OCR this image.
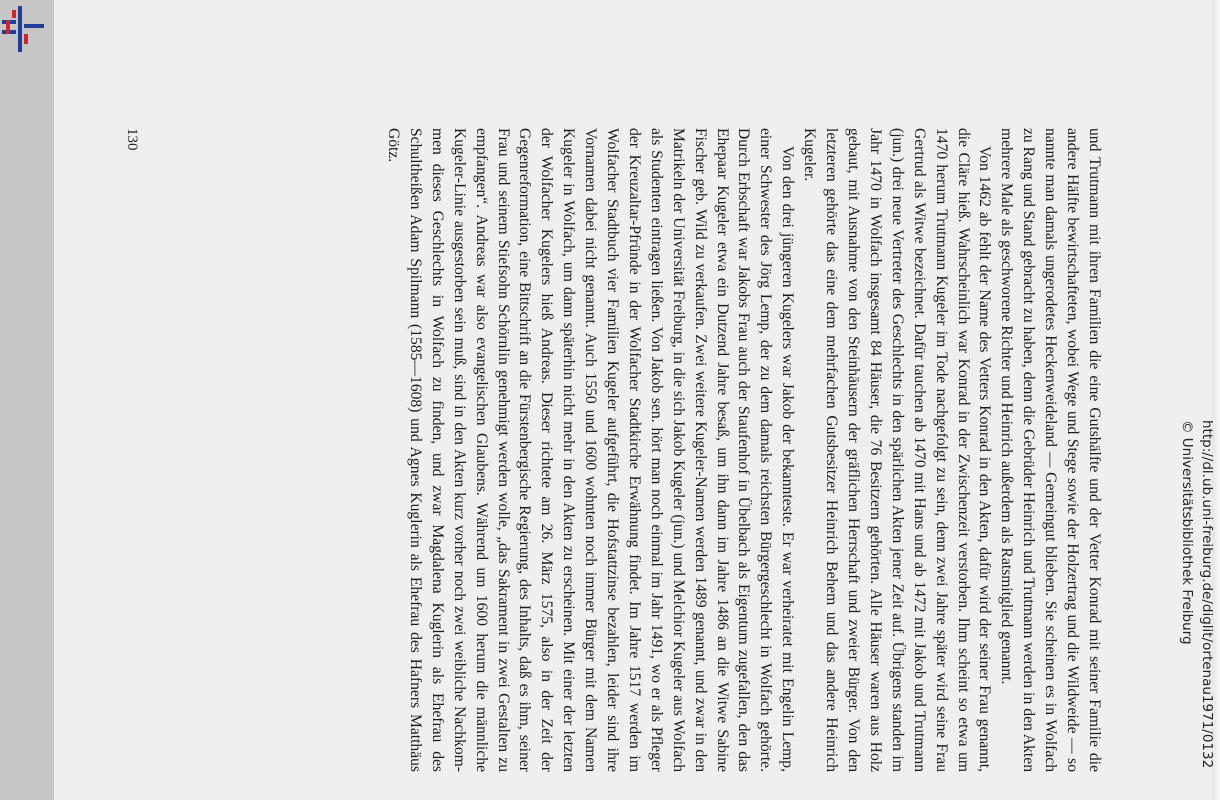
und Trutmann mit ihren Familien die eine Gutshälfte und der Vetter Konrad mit seiner Familie die andere Hälfte bewirtschafteten, wobei Wege und Stege sowie der Holzertrag und die Wildweide — so nannte man damals ungerodetes Heckenweideland — Gemeingut blieben. Sie scheinen es in Wolfach zu Rang und Stand gebracht zu haben, denn die Gebrüder Heinrich und Trutmann werden in den Akten mehrere Male als geschworene Richter und Heinrich außerdem als Ratsmitglied genannt.

Von 1462 ab fehlt der Name des Vetters Konrad in den Akten, dafür wird der seiner Frau genannt, die Cläre hieß. Wahrscheinlich war Konrad in der Zwischenzeit verstorben. Ihm scheint so etwa um 1470 herum Trutmann Kugeler im Tode nachgefolgt zu sein, denn zwei Jahre später wird seine Frau Gertrud als Witwe bezeichnet. Dafür tauchen ab 1470 mit Hans und ab 1472 mit Jakob und Trutmann (jun.) drei neue Vertreter des Geschlechts in den spärlichen Akten jener Zeit auf. Übrigens standen im Jahr 1470 in Wolfach insgesamt 84 Häuser, die 76 Besitzern gehörten. Alle Häuser waren aus Holz gebaut, mit Ausnahme von den Steinhäusern der gräflichen Herrschaft und zweier Bürger. Von den letzteren gehörte das eine dem mehrfachen Gutsbesitzer Heinrich Behem und das andere Heinrich Kugeler.

Von den drei jüngeren Kugelers war Jakob der bekannteste. Er war verheiratet mit Engelin Lemp, einer Schwester des Jörg Lemp, der zu dem damals reichsten Bürgergeschlecht in Wolfach gehörte. Durch Erbschaft war Jakobs Frau auch der Staufenhof in Übelbach als Eigentum zugefallen, den das Ehepaar Kugeler etwa ein Dutzend Jahre besaß, um ihn dann im Jahre 1486 an die Witwe Sabine Fischer geb. Wild zu verkaufen. Zwei weitere Kugeler-Namen werden 1489 genannt, und zwar in den Matrikeln der Universität Freiburg, in die sich Jakob Kugeler (jun.) und Melchior Kugeler aus Wolfach als Studenten eintragen ließen. Von Jakob sen. hört man noch einmal im Jahr 1491, wo er als Pfleger der Kreuzaltar-Pfründe in der Wolfacher Stadtkirche Erwähnung findet. Im Jahre 1517 werden im Wolfacher Stadtbuch vier Familien Kugeler aufgeführt, die Hofstattzinse bezahlen, leider sind ihre Vornamen dabei nicht genannt. Auch 1550 und 1600 wohnten noch immer Bürger mit dem Namen Kugeler in Wolfach, um dann späterhin nicht mehr in den Akten zu erscheinen. Mit einer der letzten der Wolfacher Kugelers hieß Andreas. Dieser richtete am 26. März 1575, also in der Zeit der Gegenreformation, eine Bittschrift an die Fürstenbergische Regierung, des Inhalts, daß es ihm, seiner Frau und seinem Stiefsohn Schörnlin genehmigt werden wolle, „das Sakrament in zwei Gestalten zu empfangen“. Andreas war also evangelischen Glaubens. Während um 1600 herum die männliche Kugeler-Linie ausgestorben sein muß, sind in den Akten kurz vorher noch zwei weibliche Nachkommen dieses Geschlechts in Wolfach zu finden, und zwar Magdalena Kuglerin als Ehefrau des Schultheißen Adam Spilmann (1585—1608) und Agnes Kuglerin als Ehefrau des Hafners Matthäus Götz.

130
http://dl.ub.uni-freiburg.de/diglit/ortenau1971/0132
© Universitätsbibliothek Freiburg
